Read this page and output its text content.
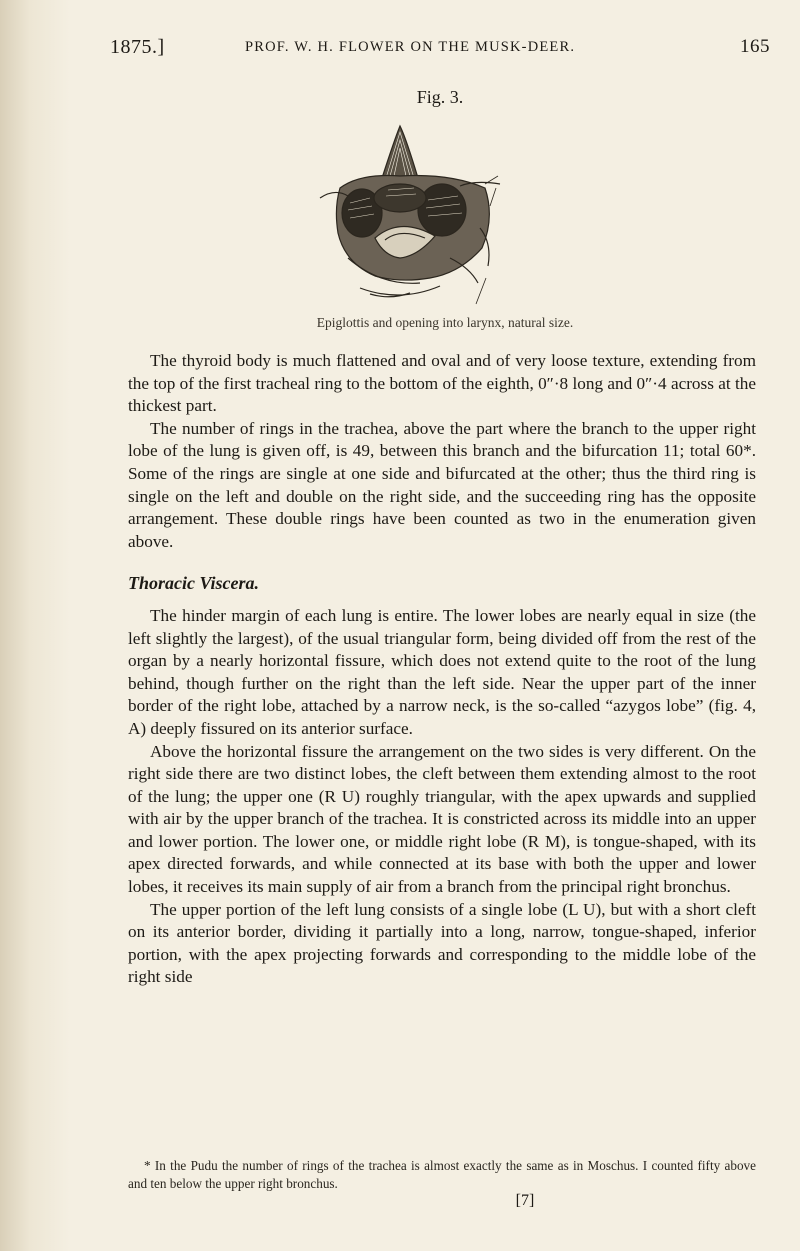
1875.]	PROF. W. H. FLOWER ON THE MUSK-DEER.	165
Fig. 3.
Epiglottis and opening into larynx, natural size.

The thyroid body is much flattened and oval and of very loose texture, extending from the top of the first tracheal ring to the bottom of the eighth, 0″·8 long and 0″·4 across at the thickest part.

The number of rings in the trachea, above the part where the branch to the upper right lobe of the lung is given off, is 49, between this branch and the bifurcation 11; total 60*. Some of the rings are single at one side and bifurcated at the other; thus the third ring is single on the left and double on the right side, and the succeeding ring has the opposite arrangement. These double rings have been counted as two in the enumeration given above.

Thoracic Viscera.

The hinder margin of each lung is entire. The lower lobes are nearly equal in size (the left slightly the largest), of the usual triangular form, being divided off from the rest of the organ by a nearly horizontal fissure, which does not extend quite to the root of the lung behind, though further on the right than the left side. Near the upper part of the inner border of the right lobe, attached by a narrow neck, is the so-called “azygos lobe” (fig. 4, A) deeply fissured on its anterior surface.

Above the horizontal fissure the arrangement on the two sides is very different. On the right side there are two distinct lobes, the cleft between them extending almost to the root of the lung; the upper one (R U) roughly triangular, with the apex upwards and supplied with air by the upper branch of the trachea. It is constricted across its middle into an upper and lower portion. The lower one, or middle right lobe (R M), is tongue-shaped, with its apex directed forwards, and while connected at its base with both the upper and lower lobes, it receives its main supply of air from a branch from the principal right bronchus.

The upper portion of the left lung consists of a single lobe (L U), but with a short cleft on its anterior border, dividing it partially into a long, narrow, tongue-shaped, inferior portion, with the apex projecting forwards and corresponding to the middle lobe of the right side

* In the Pudu the number of rings of the trachea is almost exactly the same as in Moschus. I counted fifty above and ten below the upper right bronchus.

[7]
